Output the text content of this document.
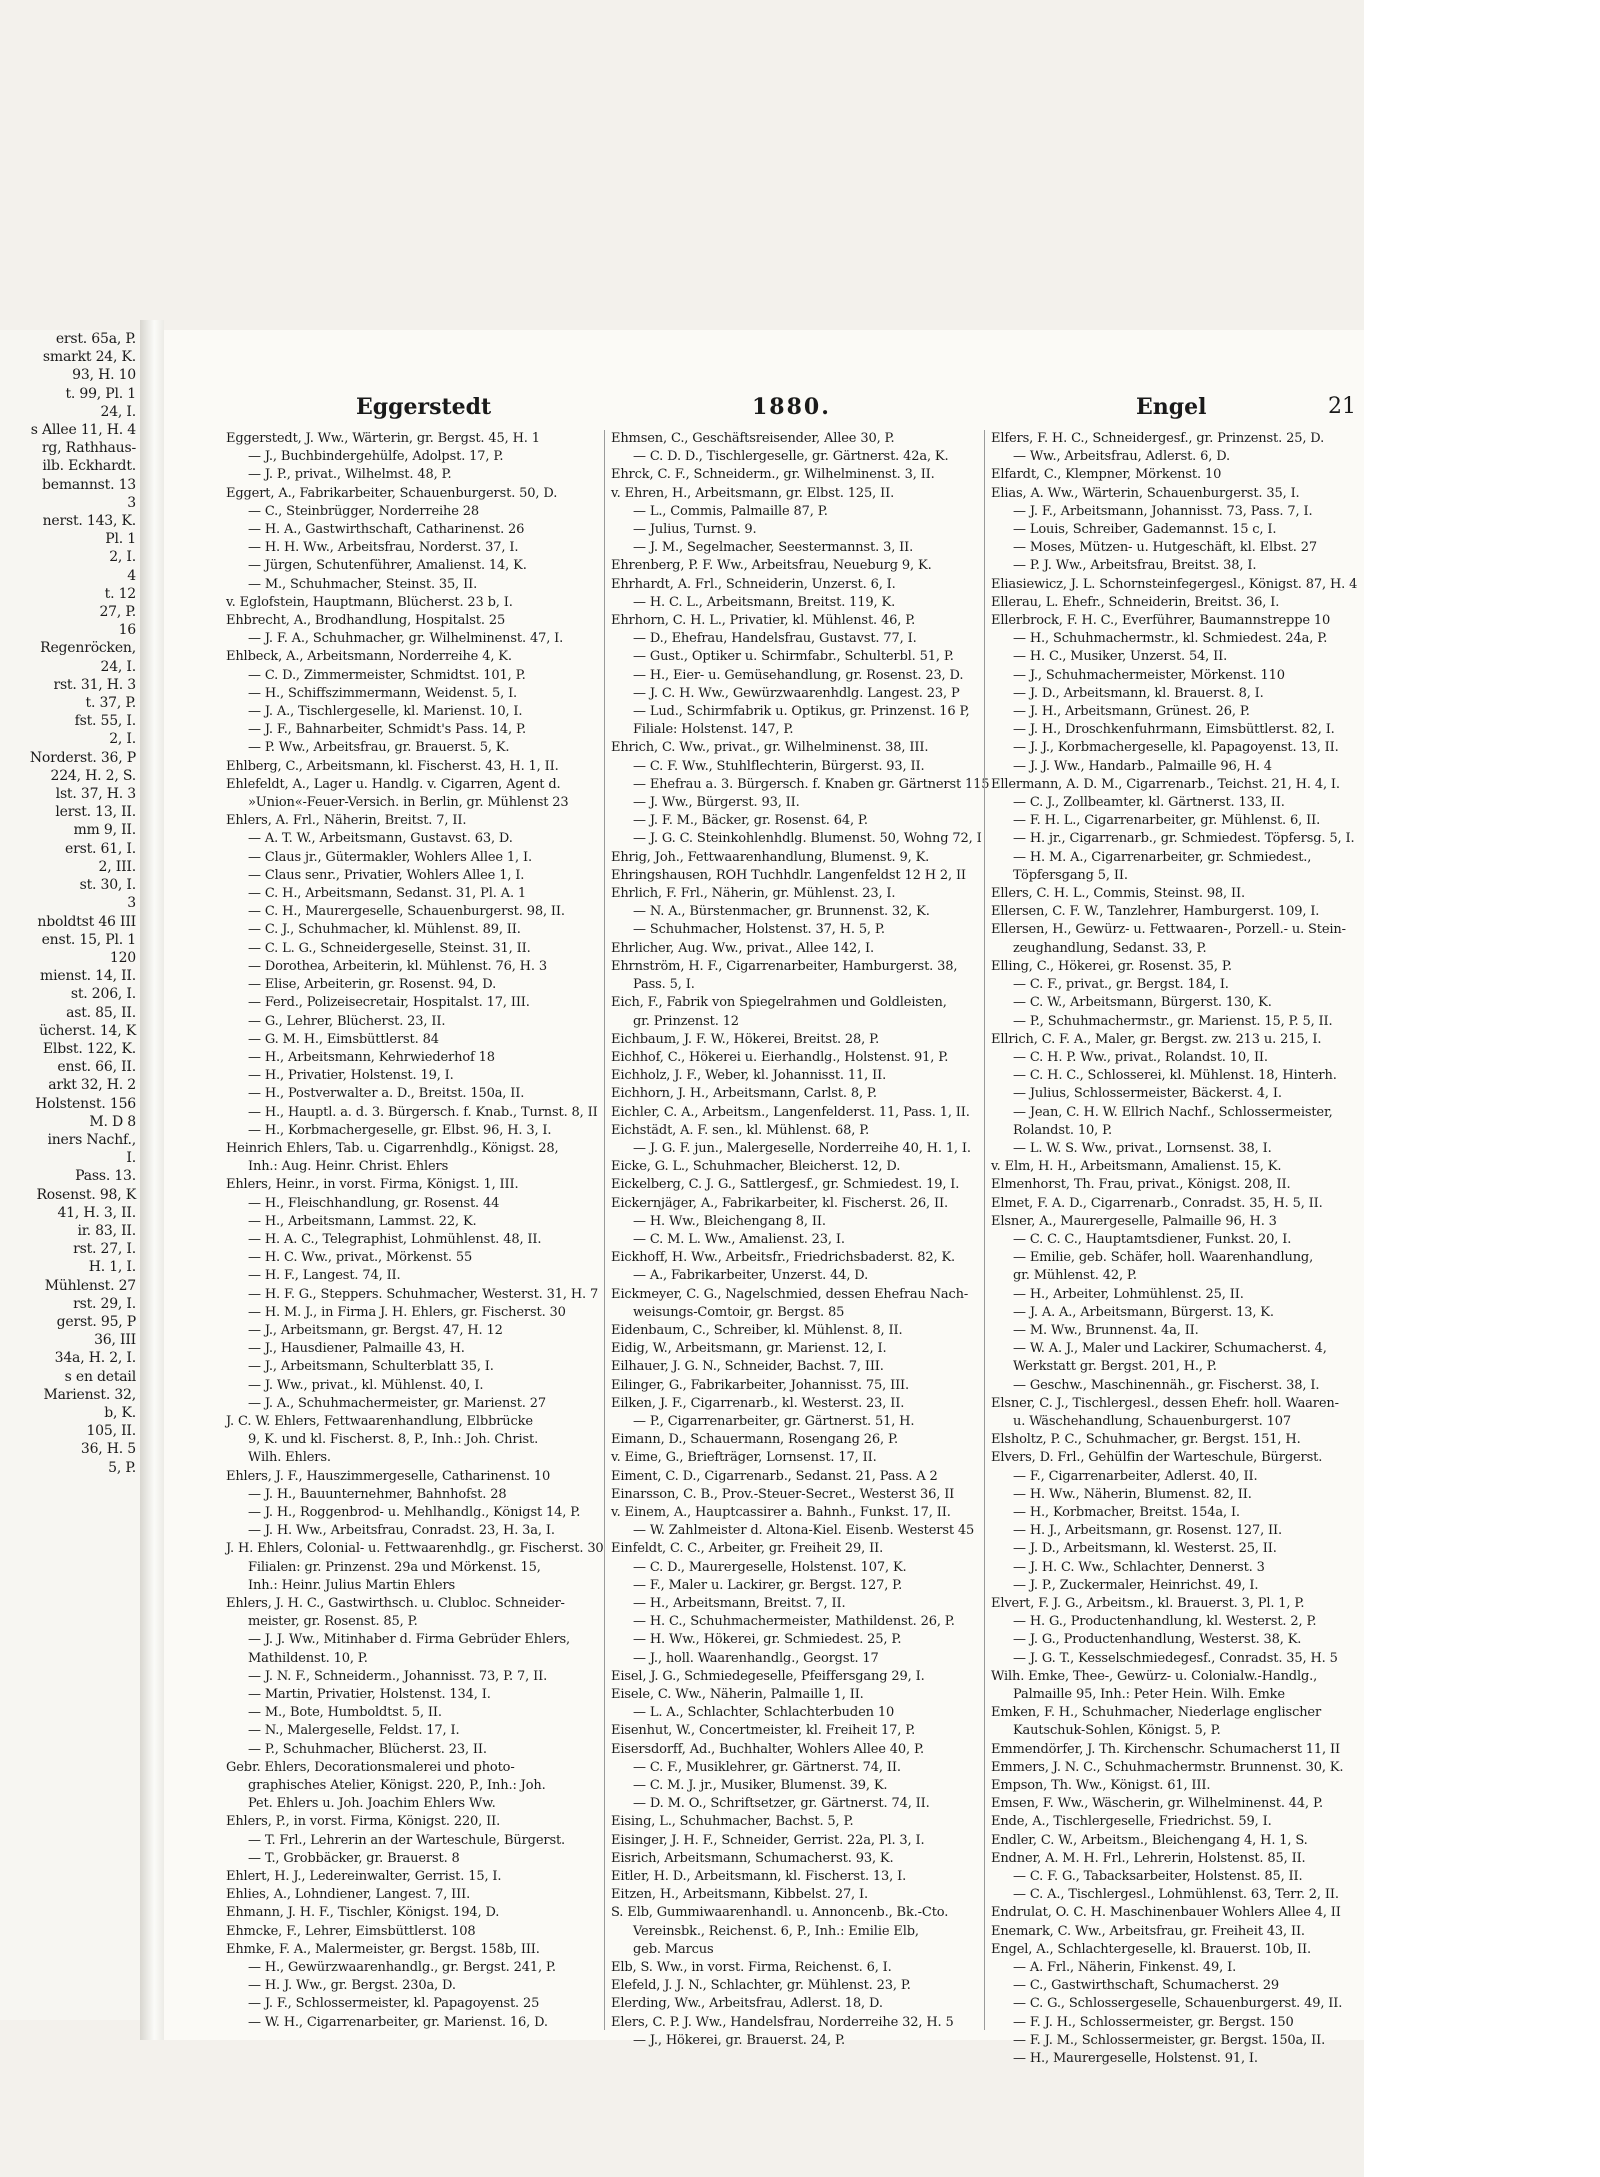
erst. 65a, P.
smarkt 24, K.
93, H. 10
t. 99, Pl. 1
24, I.
s Allee 11, H. 4
rg, Rathhaus-
ilb. Eckhardt.
bemannst. 13
3
nerst. 143, K.
Pl. 1
2, I.
4
t. 12
27, P.
16
Regenröcken,
24, I.
rst. 31, H. 3
t. 37, P.
fst. 55, I.
2, I.
Norderst. 36, P
224, H. 2, S.
lst. 37, H. 3
lerst. 13, II.
mm 9, II.
erst. 61, I.
2, III.
st. 30, I.
3
nboldtst 46 III
enst. 15, Pl. 1
120
mienst. 14, II.
st. 206, I.
ast. 85, II.
ücherst. 14, K
Elbst. 122, K.
enst. 66, II.
arkt 32, H. 2
Holstenst. 156
M. D 8
iners Nachf.,
I.
Pass. 13.
Rosenst. 98, K
41, H. 3, II.
ir. 83, II.
rst. 27, I.
H. 1, I.
Mühlenst. 27
rst. 29, I.
gerst. 95, P
36, III
34a, H. 2, I.
s en detail
Marienst. 32,
b, K.
105, II.
36, H. 5
5, P.
Eggerstedt	1880.	Engel	21
Eggerstedt, J. Ww., Wärterin, gr. Bergst. 45, H. 1
— J., Buchbindergehülfe, Adolpst. 17, P.
— J. P., privat., Wilhelmst. 48, P.
Eggert, A., Fabrikarbeiter, Schauenburgerst. 50, D.
— C., Steinbrügger, Norderreihe 28
— H. A., Gastwirthschaft, Catharinenst. 26
— H. H. Ww., Arbeitsfrau, Norderst. 37, I.
— Jürgen, Schutenführer, Amalienst. 14, K.
— M., Schuhmacher, Steinst. 35, II.
v. Eglofstein, Hauptmann, Blücherst. 23 b, I.
Ehbrecht, A., Brodhandlung, Hospitalst. 25
— J. F. A., Schuhmacher, gr. Wilhelminenst. 47, I.
Ehlbeck, A., Arbeitsmann, Norderreihe 4, K.
— C. D., Zimmermeister, Schmidtst. 101, P.
— H., Schiffszimmermann, Weidenst. 5, I.
— J. A., Tischlergeselle, kl. Marienst. 10, I.
— J. F., Bahnarbeiter, Schmidt's Pass. 14, P.
— P. Ww., Arbeitsfrau, gr. Brauerst. 5, K.
Ehlberg, C., Arbeitsmann, kl. Fischerst. 43, H. 1, II.
Ehlefeldt, A., Lager u. Handlg. v. Cigarren, Agent d.
»Union«-Feuer-Versich. in Berlin, gr. Mühlenst 23
Ehlers, A. Frl., Näherin, Breitst. 7, II.
— A. T. W., Arbeitsmann, Gustavst. 63, D.
— Claus jr., Gütermakler, Wohlers Allee 1, I.
— Claus senr., Privatier, Wohlers Allee 1, I.
— C. H., Arbeitsmann, Sedanst. 31, Pl. A. 1
— C. H., Maurergeselle, Schauenburgerst. 98, II.
— C. J., Schuhmacher, kl. Mühlenst. 89, II.
— C. L. G., Schneidergeselle, Steinst. 31, II.
— Dorothea, Arbeiterin, kl. Mühlenst. 76, H. 3
— Elise, Arbeiterin, gr. Rosenst. 94, D.
— Ferd., Polizeisecretair, Hospitalst. 17, III.
— G., Lehrer, Blücherst. 23, II.
— G. M. H., Eimsbüttlerst. 84
— H., Arbeitsmann, Kehrwiederhof 18
— H., Privatier, Holstenst. 19, I.
— H., Postverwalter a. D., Breitst. 150a, II.
— H., Hauptl. a. d. 3. Bürgersch. f. Knab., Turnst. 8, II
— H., Korbmachergeselle, gr. Elbst. 96, H. 3, I.
Heinrich Ehlers, Tab. u. Cigarrenhdlg., Königst. 28,
Inh.: Aug. Heinr. Christ. Ehlers
Ehlers, Heinr., in vorst. Firma, Königst. 1, III.
— H., Fleischhandlung, gr. Rosenst. 44
— H., Arbeitsmann, Lammst. 22, K.
— H. A. C., Telegraphist, Lohmühlenst. 48, II.
— H. C. Ww., privat., Mörkenst. 55
— H. F., Langest. 74, II.
— H. F. G., Steppers. Schuhmacher, Westerst. 31, H. 7
— H. M. J., in Firma J. H. Ehlers, gr. Fischerst. 30
— J., Arbeitsmann, gr. Bergst. 47, H. 12
— J., Hausdiener, Palmaille 43, H.
— J., Arbeitsmann, Schulterblatt 35, I.
— J. Ww., privat., kl. Mühlenst. 40, I.
— J. A., Schuhmachermeister, gr. Marienst. 27
J. C. W. Ehlers, Fettwaarenhandlung, Elbbrücke
9, K. und kl. Fischerst. 8, P., Inh.: Joh. Christ.
Wilh. Ehlers.
Ehlers, J. F., Hauszimmergeselle, Catharinenst. 10
— J. H., Bauunternehmer, Bahnhofst. 28
— J. H., Roggenbrod- u. Mehlhandlg., Königst 14, P.
— J. H. Ww., Arbeitsfrau, Conradst. 23, H. 3a, I.
J. H. Ehlers, Colonial- u. Fettwaarenhdlg., gr. Fischerst. 30
Filialen: gr. Prinzenst. 29a und Mörkenst. 15,
Inh.: Heinr. Julius Martin Ehlers
Ehlers, J. H. C., Gastwirthsch. u. Clubloc. Schneider-
meister, gr. Rosenst. 85, P.
— J. J. Ww., Mitinhaber d. Firma Gebrüder Ehlers,
Mathildenst. 10, P.
— J. N. F., Schneiderm., Johannisst. 73, P. 7, II.
— Martin, Privatier, Holstenst. 134, I.
— M., Bote, Humboldtst. 5, II.
— N., Malergeselle, Feldst. 17, I.
— P., Schuhmacher, Blücherst. 23, II.
Gebr. Ehlers, Decorationsmalerei und photo-
graphisches Atelier, Königst. 220, P., Inh.: Joh.
Pet. Ehlers u. Joh. Joachim Ehlers Ww.
Ehlers, P., in vorst. Firma, Königst. 220, II.
— T. Frl., Lehrerin an der Warteschule, Bürgerst.
— T., Grobbäcker, gr. Brauerst. 8
Ehlert, H. J., Ledereinwalter, Gerrist. 15, I.
Ehlies, A., Lohndiener, Langest. 7, III.
Ehmann, J. H. F., Tischler, Königst. 194, D.
Ehmcke, F., Lehrer, Eimsbüttlerst. 108
Ehmke, F. A., Malermeister, gr. Bergst. 158b, III.
— H., Gewürzwaarenhandlg., gr. Bergst. 241, P.
— H. J. Ww., gr. Bergst. 230a, D.
— J. F., Schlossermeister, kl. Papagoyenst. 25
— W. H., Cigarrenarbeiter, gr. Marienst. 16, D.
Ehmsen, C., Geschäftsreisender, Allee 30, P.
— C. D. D., Tischlergeselle, gr. Gärtnerst. 42a, K.
Ehrck, C. F., Schneiderm., gr. Wilhelminenst. 3, II.
v. Ehren, H., Arbeitsmann, gr. Elbst. 125, II.
— L., Commis, Palmaille 87, P.
— Julius, Turnst. 9.
— J. M., Segelmacher, Seestermannst. 3, II.
Ehrenberg, P. F. Ww., Arbeitsfrau, Neueburg 9, K.
Ehrhardt, A. Frl., Schneiderin, Unzerst. 6, I.
— H. C. L., Arbeitsmann, Breitst. 119, K.
Ehrhorn, C. H. L., Privatier, kl. Mühlenst. 46, P.
— D., Ehefrau, Handelsfrau, Gustavst. 77, I.
— Gust., Optiker u. Schirmfabr., Schulterbl. 51, P.
— H., Eier- u. Gemüsehandlung, gr. Rosenst. 23, D.
— J. C. H. Ww., Gewürzwaarenhdlg. Langest. 23, P
— Lud., Schirmfabrik u. Optikus, gr. Prinzenst. 16 P,
Filiale: Holstenst. 147, P.
Ehrich, C. Ww., privat., gr. Wilhelminenst. 38, III.
— C. F. Ww., Stuhlflechterin, Bürgerst. 93, II.
— Ehefrau a. 3. Bürgersch. f. Knaben gr. Gärtnerst 115
— J. Ww., Bürgerst. 93, II.
— J. F. M., Bäcker, gr. Rosenst. 64, P.
— J. G. C. Steinkohlenhdlg. Blumenst. 50, Wohng 72, I
Ehrig, Joh., Fettwaarenhandlung, Blumenst. 9, K.
Ehringshausen, ROH Tuchhdlr. Langenfeldst 12 H 2, II
Ehrlich, F. Frl., Näherin, gr. Mühlenst. 23, I.
— N. A., Bürstenmacher, gr. Brunnenst. 32, K.
— Schuhmacher, Holstenst. 37, H. 5, P.
Ehrlicher, Aug. Ww., privat., Allee 142, I.
Ehrnström, H. F., Cigarrenarbeiter, Hamburgerst. 38,
Pass. 5, I.
Eich, F., Fabrik von Spiegelrahmen und Goldleisten,
gr. Prinzenst. 12
Eichbaum, J. F. W., Hökerei, Breitst. 28, P.
Eichhof, C., Hökerei u. Eierhandlg., Holstenst. 91, P.
Eichholz, J. F., Weber, kl. Johannisst. 11, II.
Eichhorn, J. H., Arbeitsmann, Carlst. 8, P.
Eichler, C. A., Arbeitsm., Langenfelderst. 11, Pass. 1, II.
Eichstädt, A. F. sen., kl. Mühlenst. 68, P.
— J. G. F. jun., Malergeselle, Norderreihe 40, H. 1, I.
Eicke, G. L., Schuhmacher, Bleicherst. 12, D.
Eickelberg, C. J. G., Sattlergesf., gr. Schmiedest. 19, I.
Eickernjäger, A., Fabrikarbeiter, kl. Fischerst. 26, II.
— H. Ww., Bleichengang 8, II.
— C. M. L. Ww., Amalienst. 23, I.
Eickhoff, H. Ww., Arbeitsfr., Friedrichsbaderst. 82, K.
— A., Fabrikarbeiter, Unzerst. 44, D.
Eickmeyer, C. G., Nagelschmied, dessen Ehefrau Nach-
weisungs-Comtoir, gr. Bergst. 85
Eidenbaum, C., Schreiber, kl. Mühlenst. 8, II.
Eidig, W., Arbeitsmann, gr. Marienst. 12, I.
Eilhauer, J. G. N., Schneider, Bachst. 7, III.
Eilinger, G., Fabrikarbeiter, Johannisst. 75, III.
Eilken, J. F., Cigarrenarb., kl. Westerst. 23, II.
— P., Cigarrenarbeiter, gr. Gärtnerst. 51, H.
Eimann, D., Schauermann, Rosengang 26, P.
v. Eime, G., Briefträger, Lornsenst. 17, II.
Eiment, C. D., Cigarrenarb., Sedanst. 21, Pass. A 2
Einarsson, C. B., Prov.-Steuer-Secret., Westerst 36, II
v. Einem, A., Hauptcassirer a. Bahnh., Funkst. 17, II.
— W. Zahlmeister d. Altona-Kiel. Eisenb. Westerst 45
Einfeldt, C. C., Arbeiter, gr. Freiheit 29, II.
— C. D., Maurergeselle, Holstenst. 107, K.
— F., Maler u. Lackirer, gr. Bergst. 127, P.
— H., Arbeitsmann, Breitst. 7, II.
— H. C., Schuhmachermeister, Mathildenst. 26, P.
— H. Ww., Hökerei, gr. Schmiedest. 25, P.
— J., holl. Waarenhandlg., Georgst. 17
Eisel, J. G., Schmiedegeselle, Pfeiffersgang 29, I.
Eisele, C. Ww., Näherin, Palmaille 1, II.
— L. A., Schlachter, Schlachterbuden 10
Eisenhut, W., Concertmeister, kl. Freiheit 17, P.
Eisersdorff, Ad., Buchhalter, Wohlers Allee 40, P.
— C. F., Musiklehrer, gr. Gärtnerst. 74, II.
— C. M. J. jr., Musiker, Blumenst. 39, K.
— D. M. O., Schriftsetzer, gr. Gärtnerst. 74, II.
Eising, L., Schuhmacher, Bachst. 5, P.
Eisinger, J. H. F., Schneider, Gerrist. 22a, Pl. 3, I.
Eisrich, Arbeitsmann, Schumacherst. 93, K.
Eitler, H. D., Arbeitsmann, kl. Fischerst. 13, I.
Eitzen, H., Arbeitsmann, Kibbelst. 27, I.
S. Elb, Gummiwaarenhandl. u. Annoncenb., Bk.-Cto.
Vereinsbk., Reichenst. 6, P., Inh.: Emilie Elb,
geb. Marcus
Elb, S. Ww., in vorst. Firma, Reichenst. 6, I.
Elefeld, J. J. N., Schlachter, gr. Mühlenst. 23, P.
Elerding, Ww., Arbeitsfrau, Adlerst. 18, D.
Elers, C. P. J. Ww., Handelsfrau, Norderreihe 32, H. 5
— J., Hökerei, gr. Brauerst. 24, P.
Elfers, F. H. C., Schneidergesf., gr. Prinzenst. 25, D.
— Ww., Arbeitsfrau, Adlerst. 6, D.
Elfardt, C., Klempner, Mörkenst. 10
Elias, A. Ww., Wärterin, Schauenburgerst. 35, I.
— J. F., Arbeitsmann, Johannisst. 73, Pass. 7, I.
— Louis, Schreiber, Gademannst. 15 c, I.
— Moses, Mützen- u. Hutgeschäft, kl. Elbst. 27
— P. J. Ww., Arbeitsfrau, Breitst. 38, I.
Eliasiewicz, J. L. Schornsteinfegergesl., Königst. 87, H. 4
Ellerau, L. Ehefr., Schneiderin, Breitst. 36, I.
Ellerbrock, F. H. C., Everführer, Baumannstreppe 10
— H., Schuhmachermstr., kl. Schmiedest. 24a, P.
— H. C., Musiker, Unzerst. 54, II.
— J., Schuhmachermeister, Mörkenst. 110
— J. D., Arbeitsmann, kl. Brauerst. 8, I.
— J. H., Arbeitsmann, Grünest. 26, P.
— J. H., Droschkenfuhrmann, Eimsbüttlerst. 82, I.
— J. J., Korbmachergeselle, kl. Papagoyenst. 13, II.
— J. J. Ww., Handarb., Palmaille 96, H. 4
Ellermann, A. D. M., Cigarrenarb., Teichst. 21, H. 4, I.
— C. J., Zollbeamter, kl. Gärtnerst. 133, II.
— F. H. L., Cigarrenarbeiter, gr. Mühlenst. 6, II.
— H. jr., Cigarrenarb., gr. Schmiedest. Töpfersg. 5, I.
— H. M. A., Cigarrenarbeiter, gr. Schmiedest.,
Töpfersgang 5, II.
Ellers, C. H. L., Commis, Steinst. 98, II.
Ellersen, C. F. W., Tanzlehrer, Hamburgerst. 109, I.
Ellersen, H., Gewürz- u. Fettwaaren-, Porzell.- u. Stein-
zeughandlung, Sedanst. 33, P.
Elling, C., Hökerei, gr. Rosenst. 35, P.
— C. F., privat., gr. Bergst. 184, I.
— C. W., Arbeitsmann, Bürgerst. 130, K.
— P., Schuhmachermstr., gr. Marienst. 15, P. 5, II.
Ellrich, C. F. A., Maler, gr. Bergst. zw. 213 u. 215, I.
— C. H. P. Ww., privat., Rolandst. 10, II.
— C. H. C., Schlosserei, kl. Mühlenst. 18, Hinterh.
— Julius, Schlossermeister, Bäckerst. 4, I.
— Jean, C. H. W. Ellrich Nachf., Schlossermeister,
Rolandst. 10, P.
— L. W. S. Ww., privat., Lornsenst. 38, I.
v. Elm, H. H., Arbeitsmann, Amalienst. 15, K.
Elmenhorst, Th. Frau, privat., Königst. 208, II.
Elmet, F. A. D., Cigarrenarb., Conradst. 35, H. 5, II.
Elsner, A., Maurergeselle, Palmaille 96, H. 3
— C. C. C., Hauptamtsdiener, Funkst. 20, I.
— Emilie, geb. Schäfer, holl. Waarenhandlung,
gr. Mühlenst. 42, P.
— H., Arbeiter, Lohmühlenst. 25, II.
— J. A. A., Arbeitsmann, Bürgerst. 13, K.
— M. Ww., Brunnenst. 4a, II.
— W. A. J., Maler und Lackirer, Schumacherst. 4,
Werkstatt gr. Bergst. 201, H., P.
— Geschw., Maschinennäh., gr. Fischerst. 38, I.
Elsner, C. J., Tischlergesl., dessen Ehefr. holl. Waaren-
u. Wäschehandlung, Schauenburgerst. 107
Elsholtz, P. C., Schuhmacher, gr. Bergst. 151, H.
Elvers, D. Frl., Gehülfin der Warteschule, Bürgerst.
— F., Cigarrenarbeiter, Adlerst. 40, II.
— H. Ww., Näherin, Blumenst. 82, II.
— H., Korbmacher, Breitst. 154a, I.
— H. J., Arbeitsmann, gr. Rosenst. 127, II.
— J. D., Arbeitsmann, kl. Westerst. 25, II.
— J. H. C. Ww., Schlachter, Dennerst. 3
— J. P., Zuckermaler, Heinrichst. 49, I.
Elvert, F. J. G., Arbeitsm., kl. Brauerst. 3, Pl. 1, P.
— H. G., Productenhandlung, kl. Westerst. 2, P.
— J. G., Productenhandlung, Westerst. 38, K.
— J. G. T., Kesselschmiedegesf., Conradst. 35, H. 5
Wilh. Emke, Thee-, Gewürz- u. Colonialw.-Handlg.,
Palmaille 95, Inh.: Peter Hein. Wilh. Emke
Emken, F. H., Schuhmacher, Niederlage englischer
Kautschuk-Sohlen, Königst. 5, P.
Emmendörfer, J. Th. Kirchenschr. Schumacherst 11, II
Emmers, J. N. C., Schuhmachermstr. Brunnenst. 30, K.
Empson, Th. Ww., Königst. 61, III.
Emsen, F. Ww., Wäscherin, gr. Wilhelminenst. 44, P.
Ende, A., Tischlergeselle, Friedrichst. 59, I.
Endler, C. W., Arbeitsm., Bleichengang 4, H. 1, S.
Endner, A. M. H. Frl., Lehrerin, Holstenst. 85, II.
— C. F. G., Tabacksarbeiter, Holstenst. 85, II.
— C. A., Tischlergesl., Lohmühlenst. 63, Terr. 2, II.
Endrulat, O. C. H. Maschinenbauer Wohlers Allee 4, II
Enemark, C. Ww., Arbeitsfrau, gr. Freiheit 43, II.
Engel, A., Schlachtergeselle, kl. Brauerst. 10b, II.
— A. Frl., Näherin, Finkenst. 49, I.
— C., Gastwirthschaft, Schumacherst. 29
— C. G., Schlossergeselle, Schauenburgerst. 49, II.
— F. J. H., Schlossermeister, gr. Bergst. 150
— F. J. M., Schlossermeister, gr. Bergst. 150a, II.
— H., Maurergeselle, Holstenst. 91, I.
